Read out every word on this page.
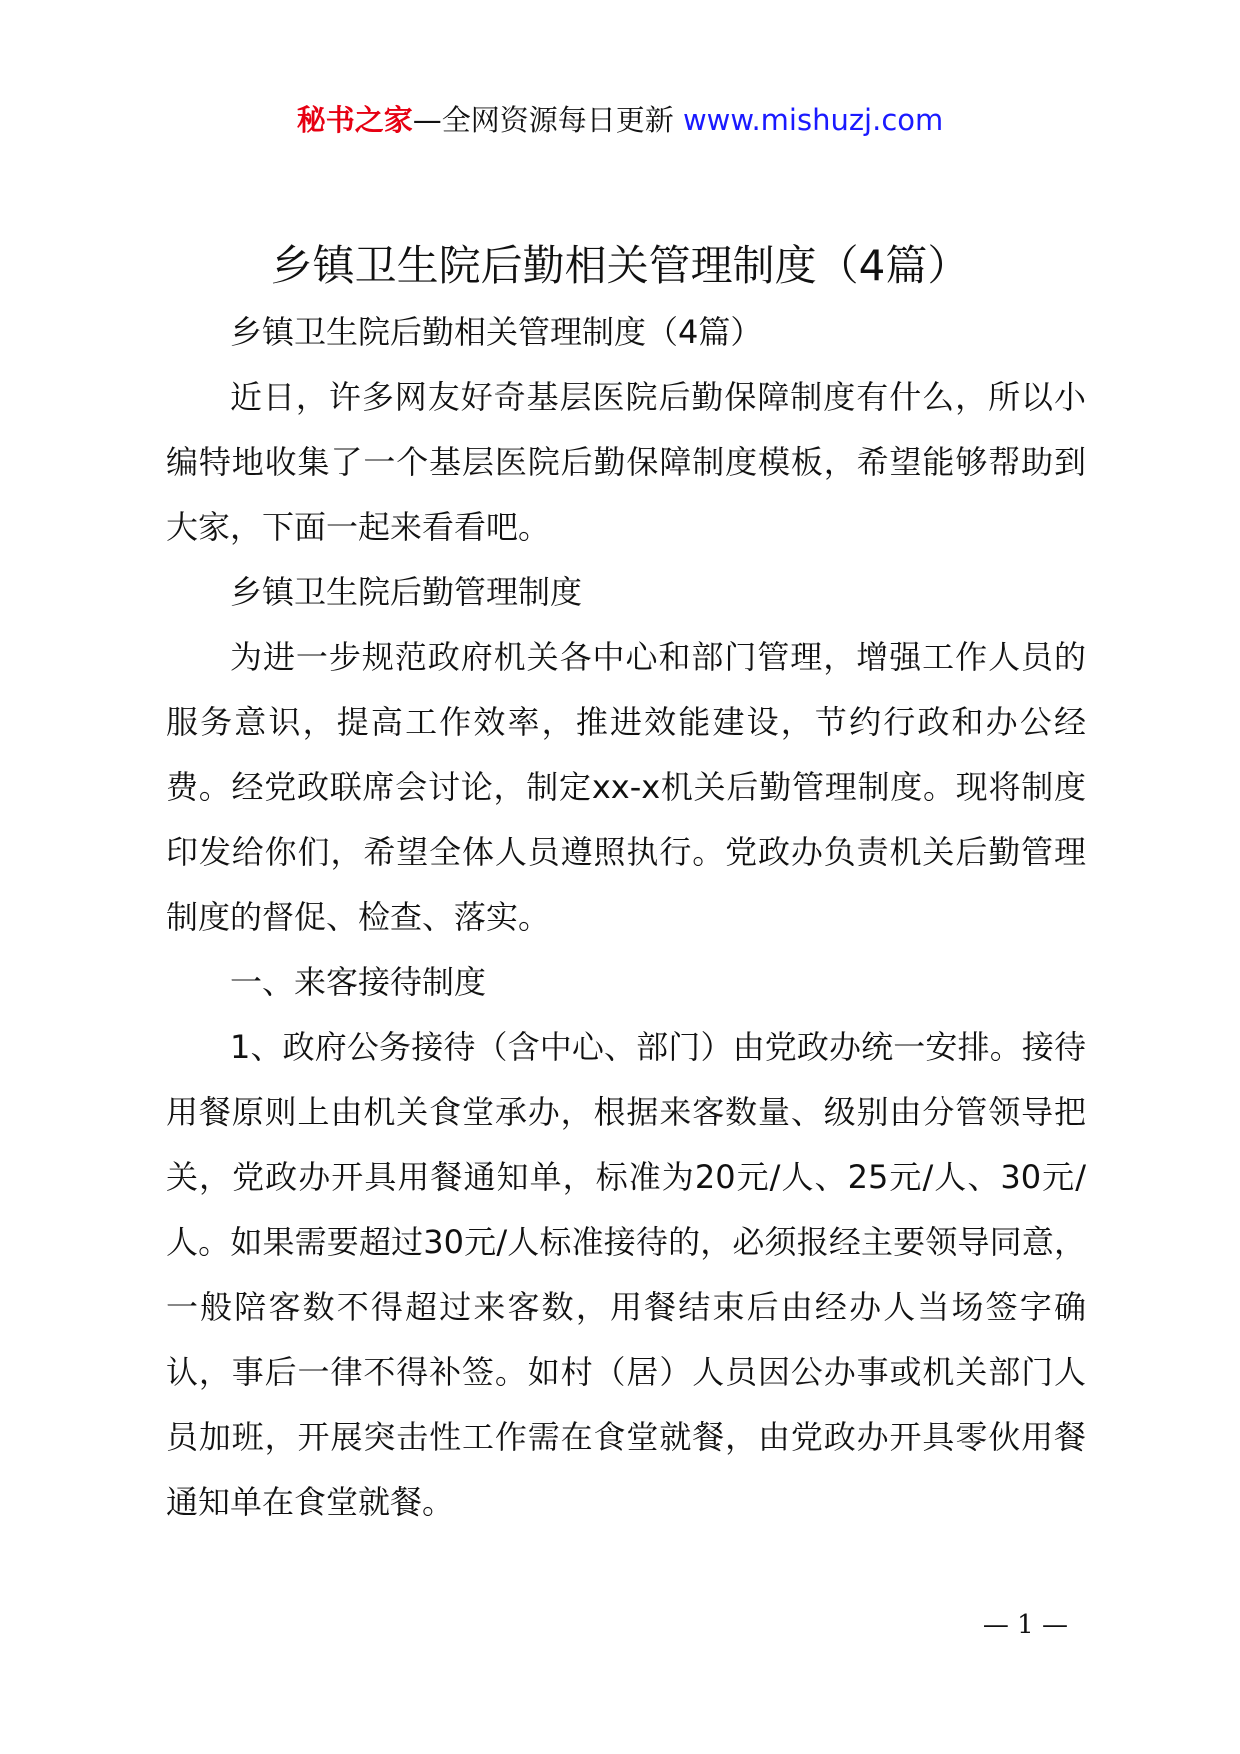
秘书之家—全网资源每日更新 www.mishuzj.com
乡镇卫生院后勤相关管理制度（4篇）

乡镇卫生院后勤相关管理制度（4篇）

近日，许多网友好奇基层医院后勤保障制度有什么，所以小编特地收集了一个基层医院后勤保障制度模板，希望能够帮助到大家，下面一起来看看吧。

乡镇卫生院后勤管理制度

为进一步规范政府机关各中心和部门管理，增强工作人员的服务意识，提高工作效率，推进效能建设，节约行政和办公经费。经党政联席会讨论，制定xx-x机关后勤管理制度。现将制度印发给你们，希望全体人员遵照执行。党政办负责机关后勤管理制度的督促、检查、落实。

一、来客接待制度

1、政府公务接待（含中心、部门）由党政办统一安排。接待用餐原则上由机关食堂承办，根据来客数量、级别由分管领导把关，党政办开具用餐通知单，标准为20元/人、25元/人、30元/人。如果需要超过30元/人标准接待的，必须报经主要领导同意，一般陪客数不得超过来客数，用餐结束后由经办人当场签字确认，事后一律不得补签。如村（居）人员因公办事或机关部门人员加班，开展突击性工作需在食堂就餐，由党政办开具零伙用餐通知单在食堂就餐。

— 1 —
